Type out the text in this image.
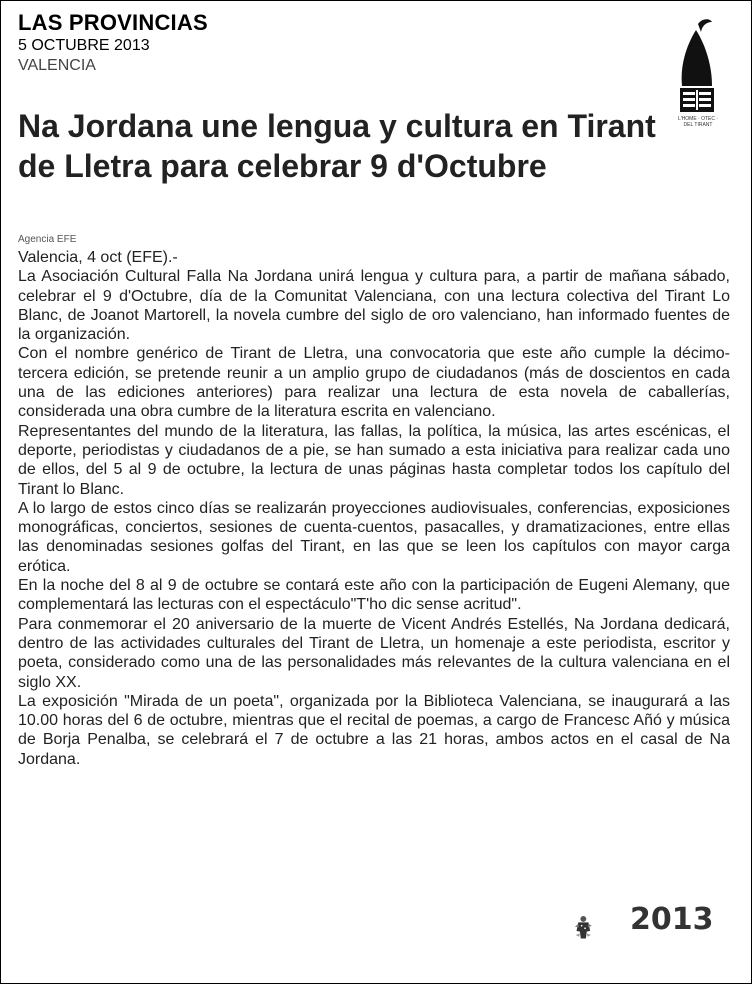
LAS PROVINCIAS
5 OCTUBRE 2013
VALENCIA
L'HOME · OTEC ·
DEL TIRANT
Na Jordana une lengua y cultura en Tirant de Lletra para celebrar 9 d'Octubre
Agencia EFE

Valencia, 4 oct (EFE).-

La Asociación Cultural Falla Na Jordana unirá lengua y cultura para, a partir de mañana sábado, celebrar el 9 d'Octubre, día de la Comunitat Valenciana, con una lectura colectiva del Tirant Lo Blanc, de Joanot Martorell, la novela cumbre del siglo de oro valenciano, han informado fuentes de la organización.

Con el nombre genérico de Tirant de Lletra, una convocatoria que este año cumple la décimo-tercera edición, se pretende reunir a un amplio grupo de ciudadanos (más de doscientos en cada una de las ediciones anteriores) para realizar una lectura de esta novela de caballerías, considerada una obra cumbre de la literatura escrita en valenciano.

Representantes del mundo de la literatura, las fallas, la política, la música, las artes escénicas, el deporte, periodistas y ciudadanos de a pie, se han sumado a esta iniciativa para realizar cada uno de ellos, del 5 al 9 de octubre, la lectura de unas páginas hasta completar todos los capítulo del Tirant lo Blanc.

A lo largo de estos cinco días se realizarán proyecciones audiovisuales, conferencias, exposiciones monográficas, conciertos, sesiones de cuenta-cuentos, pasacalles, y dramatizaciones, entre ellas las denominadas sesiones golfas del Tirant, en las que se leen los capítulos con mayor carga erótica.

En la noche del 8 al 9 de octubre se contará este año con la participación de Eugeni Alemany, que complementará las lecturas con el espectáculo"T'ho dic sense acritud".

Para conmemorar el 20 aniversario de la muerte de Vicent Andrés Estellés, Na Jordana dedicará, dentro de las actividades culturales del Tirant de Lletra, un homenaje a este periodista, escritor y poeta, considerado como una de las personalidades más relevantes de la cultura valenciana en el siglo XX.

La exposición "Mirada de un poeta", organizada por la Biblioteca Valenciana, se inaugurará a las 10.00 horas del 6 de octubre, mientras que el recital de poemas, a cargo de Francesc Añó y música de Borja Penalba, se celebrará el 7 de octubre a las 21 horas, ambos actos en el casal de Na Jordana.

2013
